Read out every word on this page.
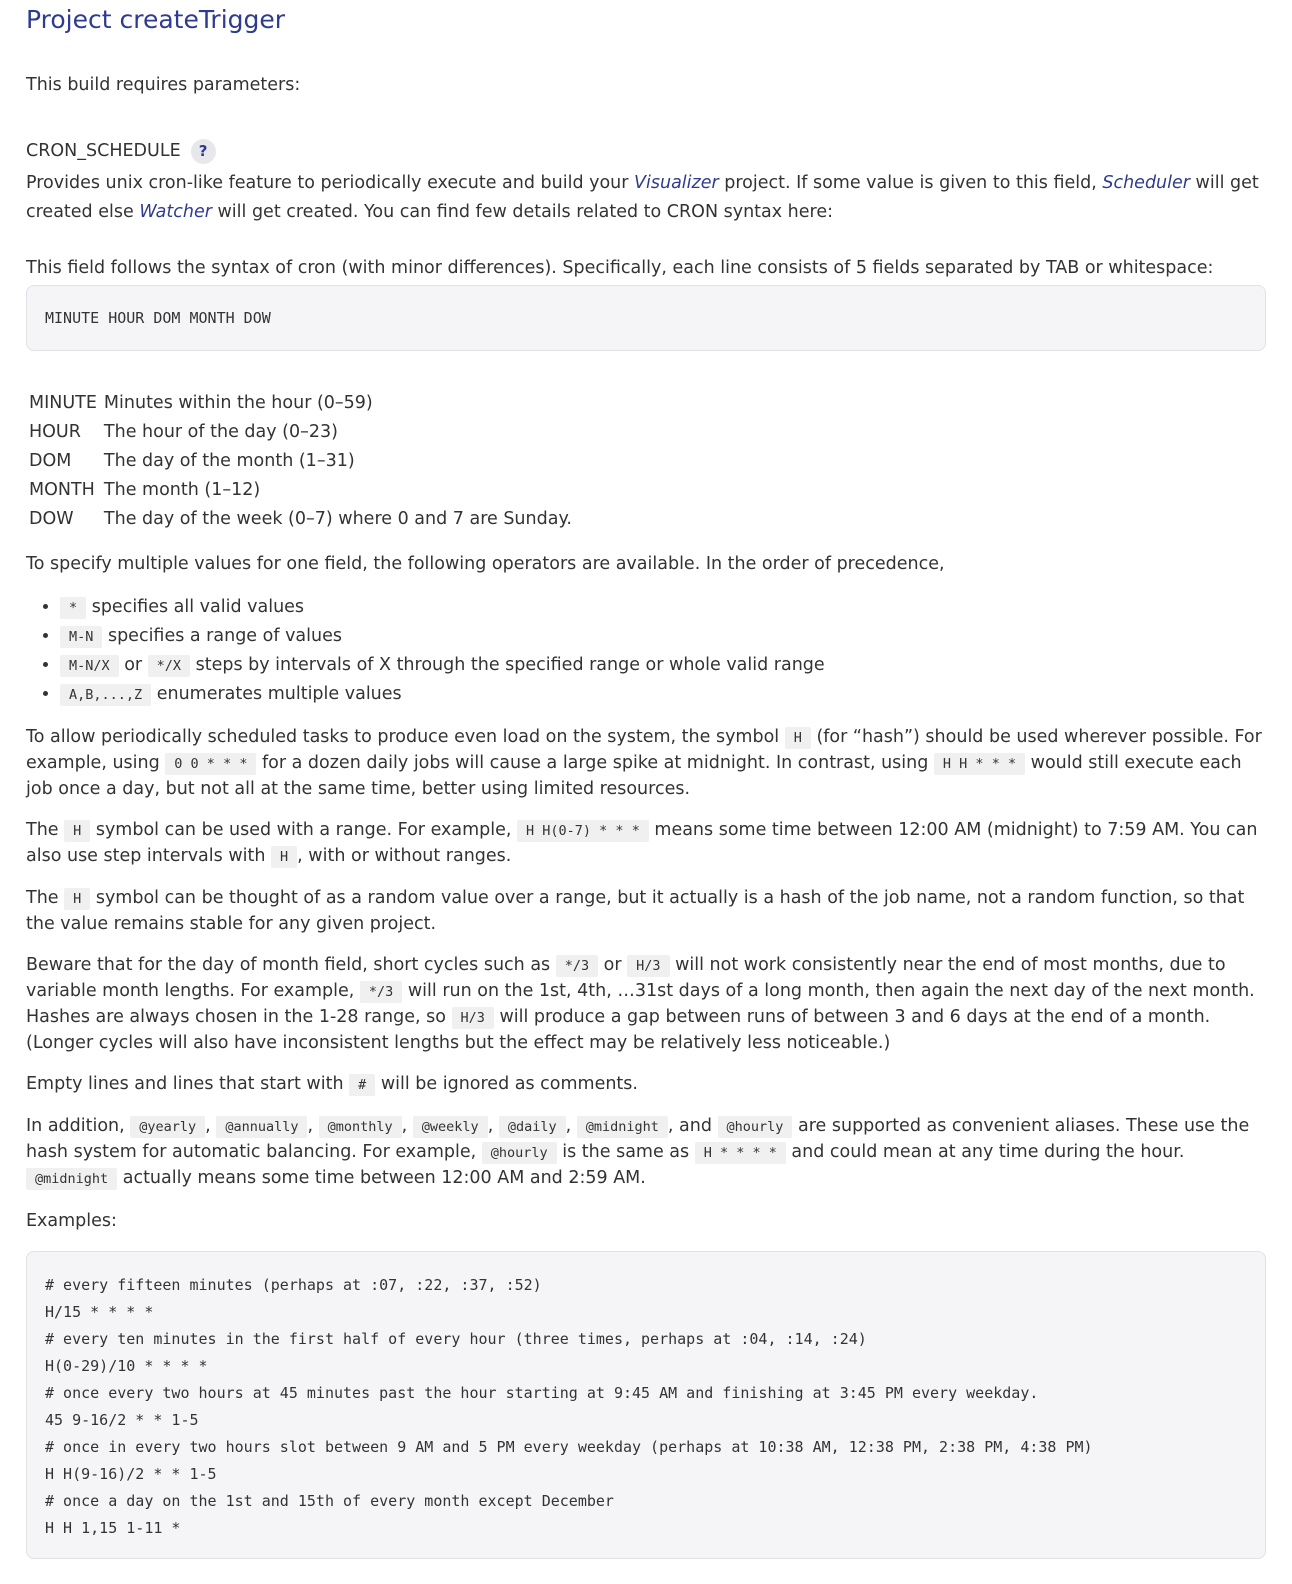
Project createTrigger

This build requires parameters:

CRON_SCHEDULE	?

Provides unix cron-like feature to periodically execute and build your Visualizer project. If some value is given to this field, Scheduler will get created else Watcher will get created. You can find few details related to CRON syntax here:

This field follows the syntax of cron (with minor differences). Specifically, each line consists of 5 fields separated by TAB or whitespace:

MINUTE HOUR DOM MONTH DOW
MINUTE	Minutes within the hour (0–59)
HOUR	The hour of the day (0–23)
DOM	The day of the month (1–31)
MONTH	The month (1–12)
DOW	The day of the week (0–7) where 0 and 7 are Sunday.

To specify multiple values for one field, the following operators are available. In the order of precedence,

• * specifies all valid values
• M-N specifies a range of values
• M-N/X or */X steps by intervals of X through the specified range or whole valid range
• A,B,...,Z enumerates multiple values

To allow periodically scheduled tasks to produce even load on the system, the symbol H (for “hash”) should be used wherever possible. For example, using 0 0 * * * for a dozen daily jobs will cause a large spike at midnight. In contrast, using H H * * * would still execute each job once a day, but not all at the same time, better using limited resources.

The H symbol can be used with a range. For example, H H(0-7) * * * means some time between 12:00 AM (midnight) to 7:59 AM. You can also use step intervals with H , with or without ranges.

The H symbol can be thought of as a random value over a range, but it actually is a hash of the job name, not a random function, so that the value remains stable for any given project.

Beware that for the day of month field, short cycles such as */3 or H/3 will not work consistently near the end of most months, due to variable month lengths. For example, */3 will run on the 1st, 4th, …31st days of a long month, then again the next day of the next month. Hashes are always chosen in the 1-28 range, so H/3 will produce a gap between runs of between 3 and 6 days at the end of a month. (Longer cycles will also have inconsistent lengths but the effect may be relatively less noticeable.)

Empty lines and lines that start with # will be ignored as comments.

In addition, @yearly , @annually , @monthly , @weekly , @daily , @midnight , and @hourly are supported as convenient aliases. These use the hash system for automatic balancing. For example, @hourly is the same as H * * * * and could mean at any time during the hour. @midnight actually means some time between 12:00 AM and 2:59 AM.

Examples:

# every fifteen minutes (perhaps at :07, :22, :37, :52)
H/15 * * * *
# every ten minutes in the first half of every hour (three times, perhaps at :04, :14, :24)
H(0-29)/10 * * * *
# once every two hours at 45 minutes past the hour starting at 9:45 AM and finishing at 3:45 PM every weekday.
45 9-16/2 * * 1-5
# once in every two hours slot between 9 AM and 5 PM every weekday (perhaps at 10:38 AM, 12:38 PM, 2:38 PM, 4:38 PM)
H H(9-16)/2 * * 1-5
# once a day on the 1st and 15th of every month except December
H H 1,15 1-11 *
